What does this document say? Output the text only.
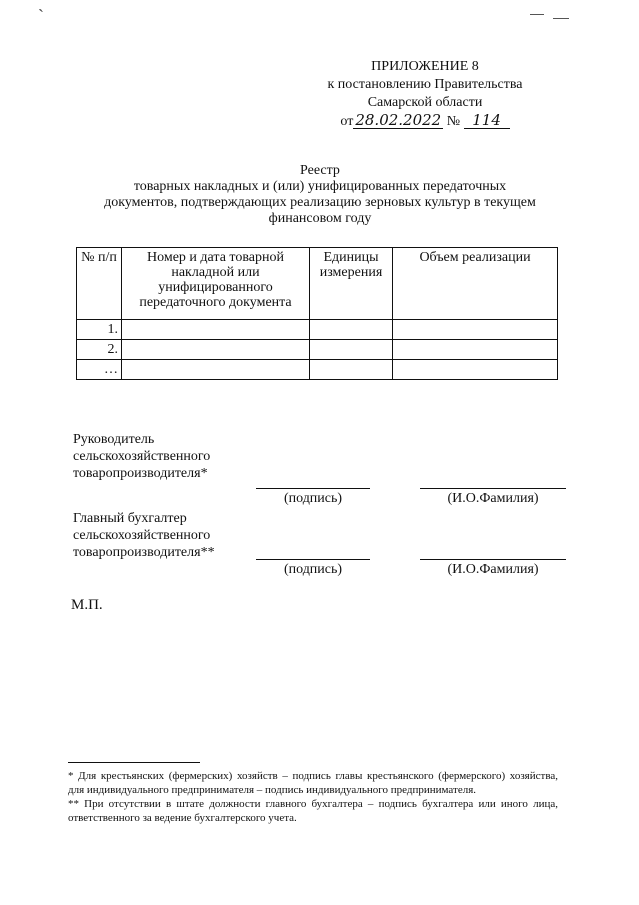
`
ПРИЛОЖЕНИЕ 8
к постановлению Правительства
Самарской области
от 28.02.2022 № 114
Реестр
товарных накладных и (или) унифицированных передаточных
документов, подтверждающих реализацию зерновых культур в текущем
финансовом году
№ п/п	Номер и дата товарной накладной или унифицированного передаточного документа	Единицы измерения	Объем реализации
1.			
2.			
…			
Руководитель
сельскохозяйственного
товаропроизводителя*
(подпись)	(И.О.Фамилия)
Главный бухгалтер
сельскохозяйственного
товаропроизводителя**
(подпись)	(И.О.Фамилия)
М.П.

* Для крестьянских (фермерских) хозяйств – подпись главы крестьянского (фермерского) хозяйства, для индивидуального предпринимателя – подпись индивидуального предпринимателя.

** При отсутствии в штате должности главного бухгалтера – подпись бухгалтера или иного лица, ответственного за ведение бухгалтерского учета.
